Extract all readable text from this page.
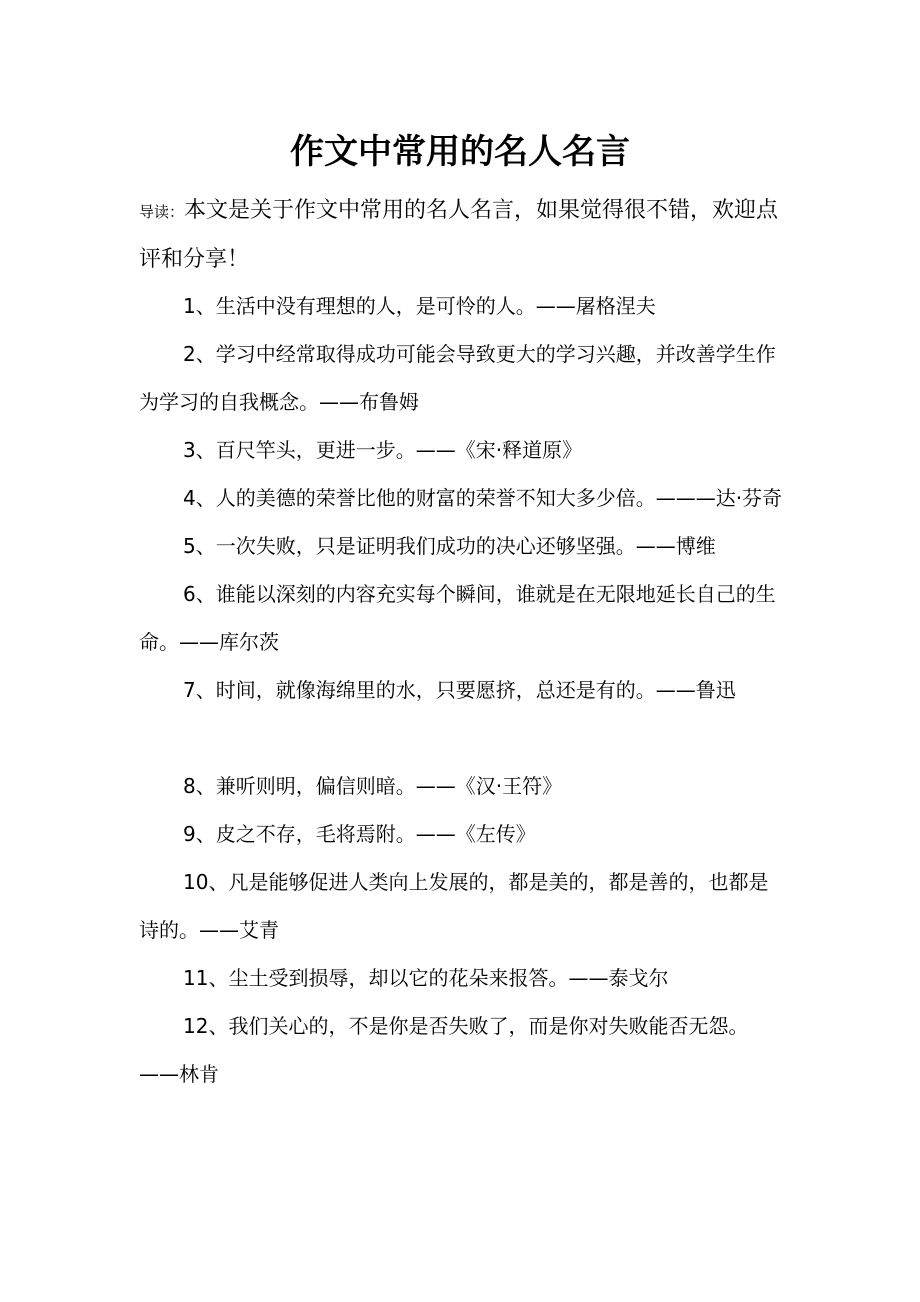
作文中常用的名人名言

导读：本文是关于作文中常用的名人名言，如果觉得很不错，欢迎点评和分享！

1、生活中没有理想的人，是可怜的人。——屠格涅夫
2、学习中经常取得成功可能会导致更大的学习兴趣，并改善学生作为学习的自我概念。——布鲁姆
3、百尺竿头，更进一步。——《宋·释道原》
4、人的美德的荣誉比他的财富的荣誉不知大多少倍。———达·芬奇
5、一次失败，只是证明我们成功的决心还够坚强。——博维
6、谁能以深刻的内容充实每个瞬间，谁就是在无限地延长自己的生命。——库尔茨
7、时间，就像海绵里的水，只要愿挤，总还是有的。——鲁迅
8、兼听则明，偏信则暗。——《汉·王符》
9、皮之不存，毛将焉附。——《左传》
10、凡是能够促进人类向上发展的，都是美的，都是善的，也都是诗的。——艾青
11、尘土受到损辱，却以它的花朵来报答。——泰戈尔
12、我们关心的，不是你是否失败了，而是你对失败能否无怨。——林肯
